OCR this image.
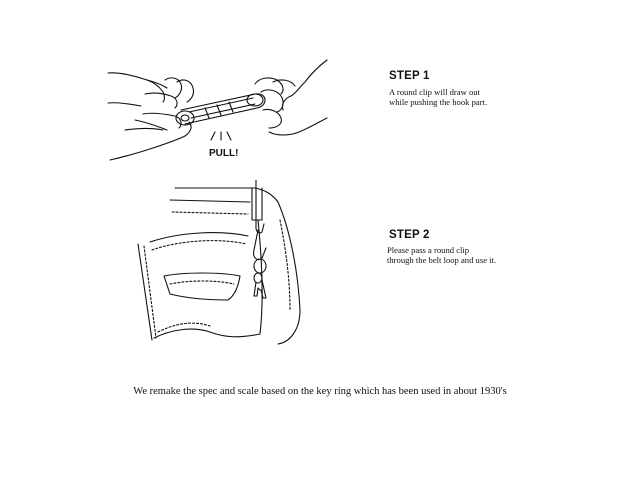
PULL!
STEP 1
A round clip will draw out
while pushing the hook part.
STEP 2
Please pass a round clip
through the belt loop and use it.
We remake the spec and scale based on the key ring which has been used in about 1930's
